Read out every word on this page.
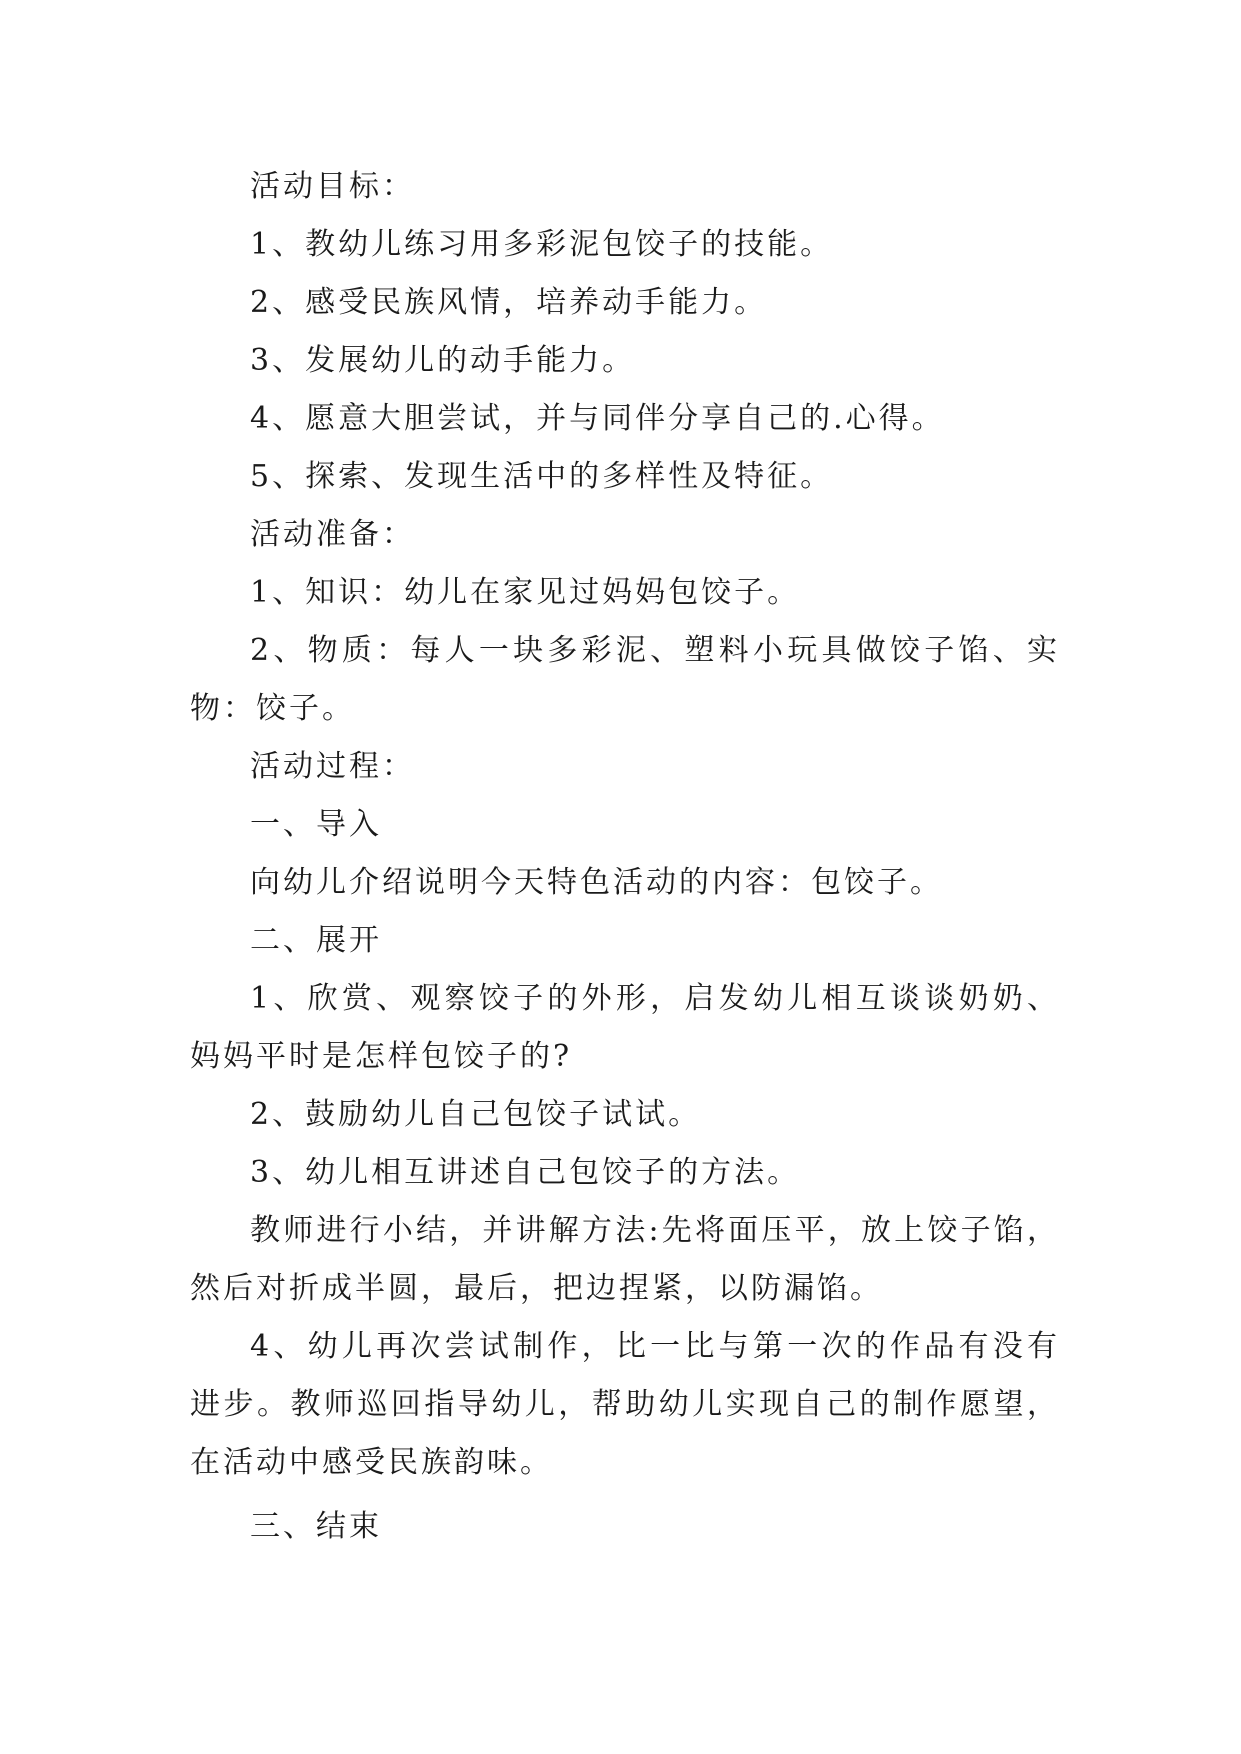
活动目标：

1、教幼儿练习用多彩泥包饺子的技能。

2、感受民族风情，培养动手能力。

3、发展幼儿的动手能力。

4、愿意大胆尝试，并与同伴分享自己的.心得。

5、探索、发现生活中的多样性及特征。

活动准备：

1、知识：幼儿在家见过妈妈包饺子。

2、物质：每人一块多彩泥、塑料小玩具做饺子馅、实物：饺子。

活动过程：

一、导入

向幼儿介绍说明今天特色活动的内容：包饺子。

二、展开

1、欣赏、观察饺子的外形，启发幼儿相互谈谈奶奶、妈妈平时是怎样包饺子的?

2、鼓励幼儿自己包饺子试试。

3、幼儿相互讲述自己包饺子的方法。

教师进行小结，并讲解方法:先将面压平，放上饺子馅，然后对折成半圆，最后，把边捏紧，以防漏馅。

4、幼儿再次尝试制作，比一比与第一次的作品有没有进步。教师巡回指导幼儿，帮助幼儿实现自己的制作愿望，在活动中感受民族韵味。

三、结束
